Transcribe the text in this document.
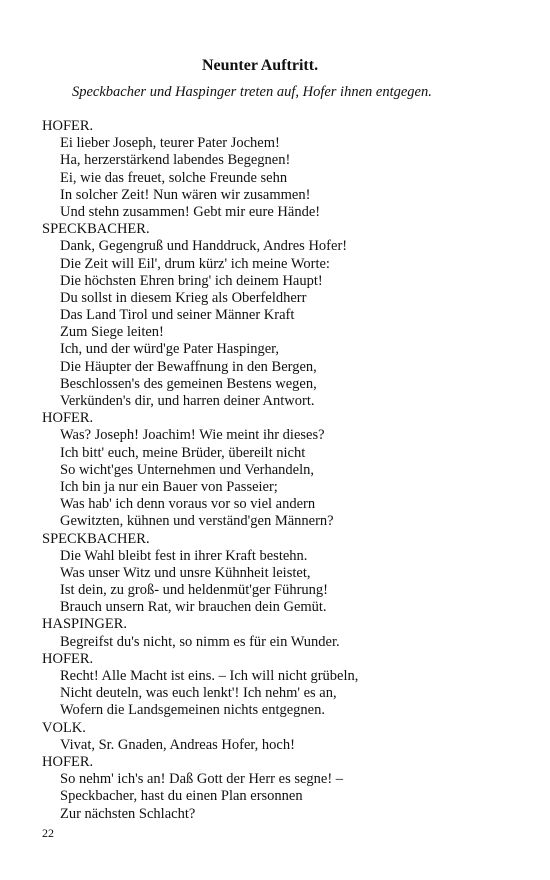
Neunter Auftritt.
Speckbacher und Haspinger treten auf, Hofer ihnen entgegen.
HOFER.
Ei lieber Joseph, teurer Pater Jochem!
Ha, herzerstärkend labendes Begegnen!
Ei, wie das freuet, solche Freunde sehn
In solcher Zeit! Nun wären wir zusammen!
Und stehn zusammen! Gebt mir eure Hände!
SPECKBACHER.
Dank, Gegengruß und Handdruck, Andres Hofer!
Die Zeit will Eil', drum kürz' ich meine Worte:
Die höchsten Ehren bring' ich deinem Haupt!
Du sollst in diesem Krieg als Oberfeldherr
Das Land Tirol und seiner Männer Kraft
Zum Siege leiten!
Ich, und der würd'ge Pater Haspinger,
Die Häupter der Bewaffnung in den Bergen,
Beschlossen's des gemeinen Bestens wegen,
Verkünden's dir, und harren deiner Antwort.
HOFER.
Was? Joseph! Joachim! Wie meint ihr dieses?
Ich bitt' euch, meine Brüder, übereilt nicht
So wicht'ges Unternehmen und Verhandeln,
Ich bin ja nur ein Bauer von Passeier;
Was hab' ich denn voraus vor so viel andern
Gewitzten, kühnen und verständ'gen Männern?
SPECKBACHER.
Die Wahl bleibt fest in ihrer Kraft bestehn.
Was unser Witz und unsre Kühnheit leistet,
Ist dein, zu groß- und heldenmüt'ger Führung!
Brauch unsern Rat, wir brauchen dein Gemüt.
HASPINGER.
Begreifst du's nicht, so nimm es für ein Wunder.
HOFER.
Recht! Alle Macht ist eins. – Ich will nicht grübeln,
Nicht deuteln, was euch lenkt'! Ich nehm' es an,
Wofern die Landsgemeinen nichts entgegnen.
VOLK.
Vivat, Sr. Gnaden, Andreas Hofer, hoch!
HOFER.
So nehm' ich's an! Daß Gott der Herr es segne! –
Speckbacher, hast du einen Plan ersonnen
Zur nächsten Schlacht?
22
